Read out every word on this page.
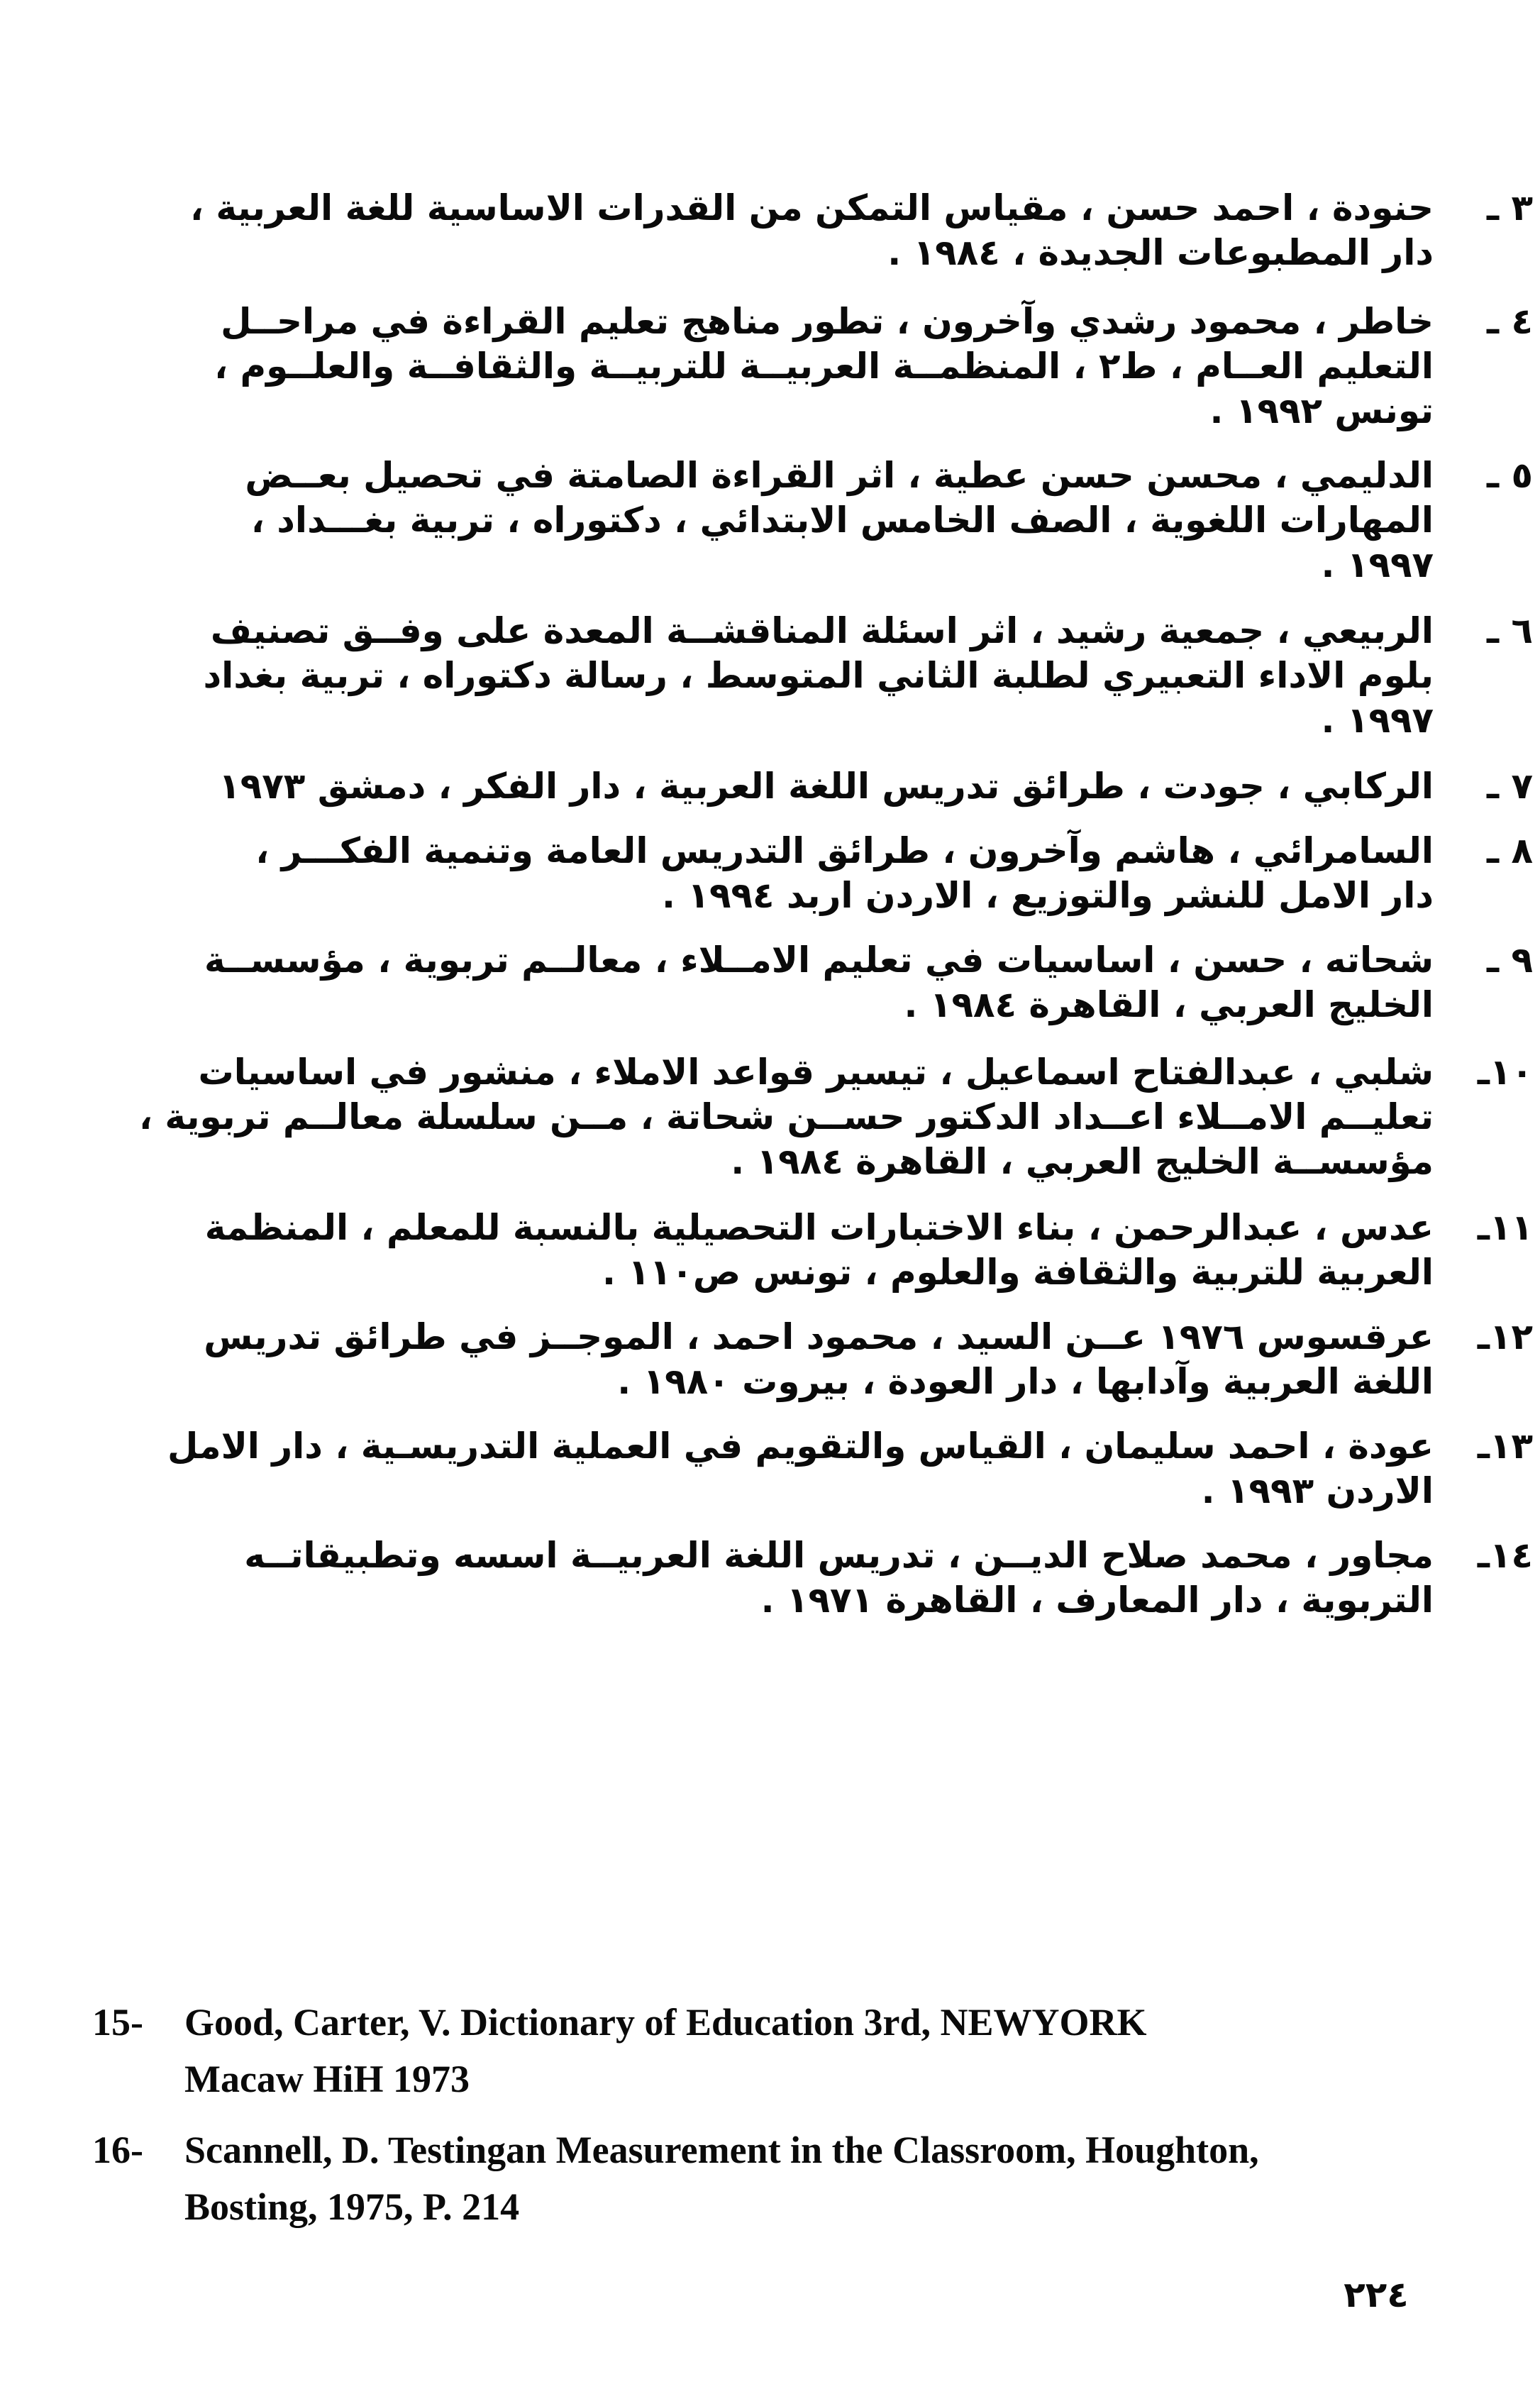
٣ ـ
حنودة ، احمد حسن ، مقياس التمكن من القدرات الاساسية للغة العربية ،
دار المطبوعات الجديدة ، ١٩٨٤ .
٤ ـ
خاطر ، محمود رشدي وآخرون ، تطور مناهج تعليم القراءة في مراحــل
التعليم العــام ، ط٢ ، المنظمــة العربيــة للتربيــة والثقافــة والعلــوم ،
تونس ١٩٩٢ .
٥ ـ
الدليمي ، محسن حسن عطية ، اثر القراءة الصامتة في تحصيل بعــض
المهارات اللغوية ، الصف الخامس الابتدائي ، دكتوراه ، تربية بغـــداد ،
١٩٩٧ .
٦ ـ
الربيعي ، جمعية رشيد ، اثر اسئلة المناقشــة المعدة على وفــق تصنيف
بلوم الاداء التعبيري لطلبة الثاني المتوسط ، رسالة دكتوراه ، تربية بغداد
١٩٩٧ .
٧ ـ
الركابي ، جودت ، طرائق تدريس اللغة العربية ، دار الفكر ، دمشق ١٩٧٣
٨ ـ
السامرائي ، هاشم وآخرون ، طرائق التدريس العامة وتنمية الفكـــر ،
دار الامل للنشر والتوزيع ، الاردن اربد ١٩٩٤ .
٩ ـ
شحاته ، حسن ، اساسيات في تعليم الامــلاء ، معالــم تربوية ، مؤسســة
الخليج العربي ، القاهرة ١٩٨٤ .
١٠ـ
شلبي ، عبدالفتاح اسماعيل ، تيسير قواعد الاملاء ، منشور في اساسيات
تعليــم الامــلاء اعــداد الدكتور حســن شحاتة ، مــن سلسلة معالــم تربوية ،
مؤسســة الخليج العربي ، القاهرة ١٩٨٤ .
١١ـ
عدس ، عبدالرحمن ، بناء الاختبارات التحصيلية بالنسبة للمعلم ، المنظمة
العربية للتربية والثقافة والعلوم ، تونس ص١١٠ .
١٢ـ
عرقسوس ١٩٧٦ عــن السيد ، محمود احمد ، الموجــز في طرائق تدريس
اللغة العربية وآدابها ، دار العودة ، بيروت ١٩٨٠ .
١٣ـ
عودة ، احمد سليمان ، القياس والتقويم في العملية التدريسـية ، دار الامل
الاردن ١٩٩٣ .
١٤ـ
مجاور ، محمد صلاح الديــن ، تدريس اللغة العربيــة اسسه وتطبيقاتــه
التربوية ، دار المعارف ، القاهرة ١٩٧١ .
15- Good, Carter, V. Dictionary of Education 3rd, NEWYORK
Macaw HiH 1973
16- Scannell, D. Testingan Measurement in the Classroom, Houghton,
Bosting, 1975, P. 214
٢٢٤
